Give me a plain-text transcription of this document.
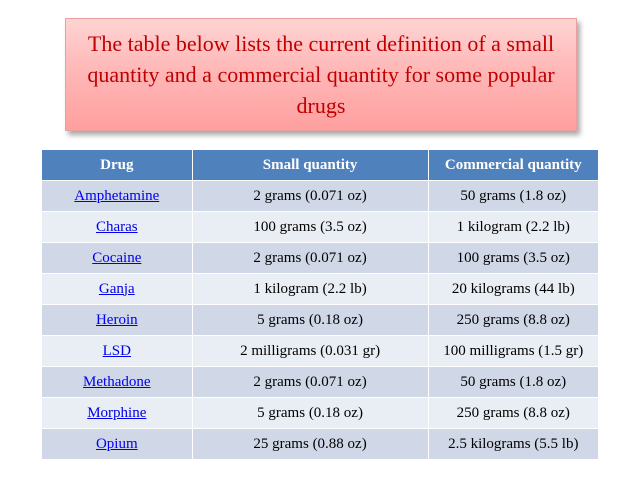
The table below lists the current definition of a small quantity and a commercial quantity for some popular drugs
Drug	Small quantity	Commercial quantity
Amphetamine	2 grams (0.071 oz)	50 grams (1.8 oz)
Charas	100 grams (3.5 oz)	1 kilogram (2.2 lb)
Cocaine	2 grams (0.071 oz)	100 grams (3.5 oz)
Ganja	1 kilogram (2.2 lb)	20 kilograms (44 lb)
Heroin	5 grams (0.18 oz)	250 grams (8.8 oz)
LSD	2 milligrams (0.031 gr)	100 milligrams (1.5 gr)
Methadone	2 grams (0.071 oz)	50 grams (1.8 oz)
Morphine	5 grams (0.18 oz)	250 grams (8.8 oz)
Opium	25 grams (0.88 oz)	2.5 kilograms (5.5 lb)
